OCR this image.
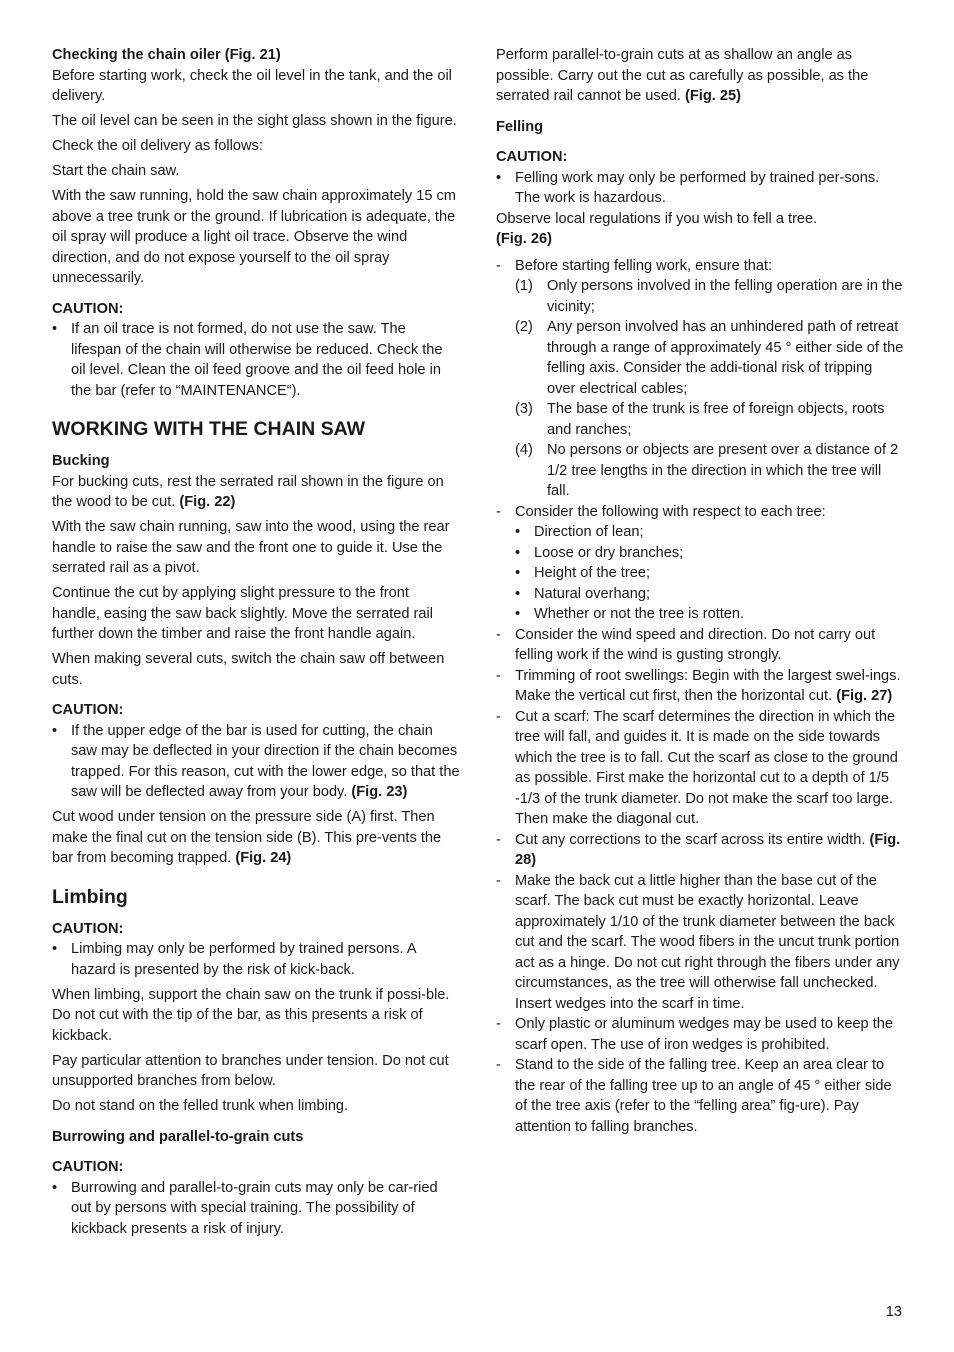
Checking the chain oiler (Fig. 21)

Before starting work, check the oil level in the tank, and the oil delivery.

The oil level can be seen in the sight glass shown in the figure.

Check the oil delivery as follows:

Start the chain saw.

With the saw running, hold the saw chain approximately 15 cm above a tree trunk or the ground. If lubrication is adequate, the oil spray will produce a light oil trace. Observe the wind direction, and do not expose yourself to the oil spray unnecessarily.

CAUTION:

• If an oil trace is not formed, do not use the saw. The lifespan of the chain will otherwise be reduced. Check the oil level. Clean the oil feed groove and the oil feed hole in the bar (refer to “MAINTENANCE“).
WORKING WITH THE CHAIN SAW

Bucking

For bucking cuts, rest the serrated rail shown in the figure on the wood to be cut. (Fig. 22)

With the saw chain running, saw into the wood, using the rear handle to raise the saw and the front one to guide it. Use the serrated rail as a pivot.

Continue the cut by applying slight pressure to the front handle, easing the saw back slightly. Move the serrated rail further down the timber and raise the front handle again.

When making several cuts, switch the chain saw off between cuts.

CAUTION:

• If the upper edge of the bar is used for cutting, the chain saw may be deflected in your direction if the chain becomes trapped. For this reason, cut with the lower edge, so that the saw will be deflected away from your body. (Fig. 23)

Cut wood under tension on the pressure side (A) first. Then make the final cut on the tension side (B). This pre-vents the bar from becoming trapped. (Fig. 24)

Limbing

CAUTION:

• Limbing may only be performed by trained persons. A hazard is presented by the risk of kick-back.

When limbing, support the chain saw on the trunk if possi-ble. Do not cut with the tip of the bar, as this presents a risk of kickback.

Pay particular attention to branches under tension. Do not cut unsupported branches from below.

Do not stand on the felled trunk when limbing.

Burrowing and parallel-to-grain cuts

CAUTION:

• Burrowing and parallel-to-grain cuts may only be car-ried out by persons with special training. The possibility of kickback presents a risk of injury.

Perform parallel-to-grain cuts at as shallow an angle as possible. Carry out the cut as carefully as possible, as the serrated rail cannot be used. (Fig. 25)

Felling

CAUTION:

• Felling work may only be performed by trained per-sons. The work is hazardous.

Observe local regulations if you wish to fell a tree.

(Fig. 26)

- Before starting felling work, ensure that:
(1) Only persons involved in the felling operation are in the vicinity;
(2) Any person involved has an unhindered path of retreat through a range of approximately 45 ° either side of the felling axis. Consider the addi-tional risk of tripping over electrical cables;
(3) The base of the trunk is free of foreign objects, roots and ranches;
(4) No persons or objects are present over a distance of 2 1/2 tree lengths in the direction in which the tree will fall.
- Consider the following with respect to each tree:
• Direction of lean;
• Loose or dry branches;
• Height of the tree;
• Natural overhang;
• Whether or not the tree is rotten.
- Consider the wind speed and direction. Do not carry out felling work if the wind is gusting strongly.
- Trimming of root swellings: Begin with the largest swel-ings. Make the vertical cut first, then the horizontal cut. (Fig. 27)
- Cut a scarf: The scarf determines the direction in which the tree will fall, and guides it. It is made on the side towards which the tree is to fall. Cut the scarf as close to the ground as possible. First make the horizontal cut to a depth of 1/5 -1/3 of the trunk diameter. Do not make the scarf too large. Then make the diagonal cut.
- Cut any corrections to the scarf across its entire width. (Fig. 28)
- Make the back cut a little higher than the base cut of the scarf. The back cut must be exactly horizontal. Leave approximately 1/10 of the trunk diameter between the back cut and the scarf. The wood fibers in the uncut trunk portion act as a hinge. Do not cut right through the fibers under any circumstances, as the tree will otherwise fall unchecked. Insert wedges into the scarf in time.
- Only plastic or aluminum wedges may be used to keep the scarf open. The use of iron wedges is prohibited.
- Stand to the side of the falling tree. Keep an area clear to the rear of the falling tree up to an angle of 45 ° either side of the tree axis (refer to the “felling area” fig-ure). Pay attention to falling branches.
13
